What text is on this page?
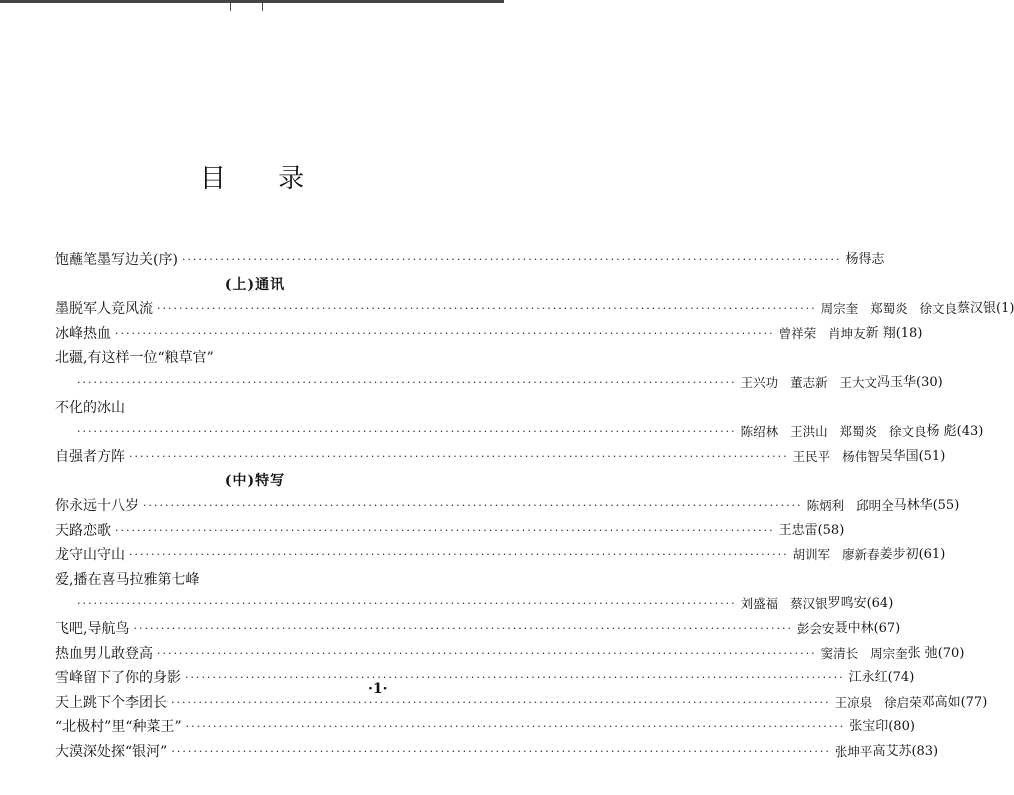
目 录
饱蘸笔墨写边关(序) ························································································································ 杨得志
(上)通讯
墨脱军人竞风流 ························································································································ 周宗奎 郑蜀炎 徐文良 蔡汉银(1)
冰峰热血 ························································································································ 曾祥荣 肖坤友 新 翔(18)
北疆,有这样一位“粮草官”
························································································································ 王兴功 董志新 王大文 冯玉华(30)
不化的冰山
························································································································ 陈绍林 王洪山 郑蜀炎 徐文良 杨 彪(43)
自强者方阵 ························································································································ 王民平 杨伟智 吴华国(51)
(中)特写
你永远十八岁 ························································································································ 陈炳利 邱明全 马林华(55)
天路恋歌 ························································································································ 王忠雷(58)
龙守山守山 ························································································································ 胡训军 廖新春 姜步初(61)
爱,播在喜马拉雅第七峰
························································································································ 刘盛福 蔡汉银 罗鸣安(64)
飞吧,导航鸟 ························································································································ 彭会安 聂中林(67)
热血男儿敢登高 ························································································································ 窦清长 周宗奎 张 弛(70)
雪峰留下了你的身影 ························································································································ 江永红(74)
天上跳下个李团长 ························································································································ 王凉泉 徐启荣 邓高如(77)
“北极村”里“种菜王” ························································································································ 张宝印(80)
大漠深处探“银河” ························································································································ 张坤平 高艾苏(83)
·1·
